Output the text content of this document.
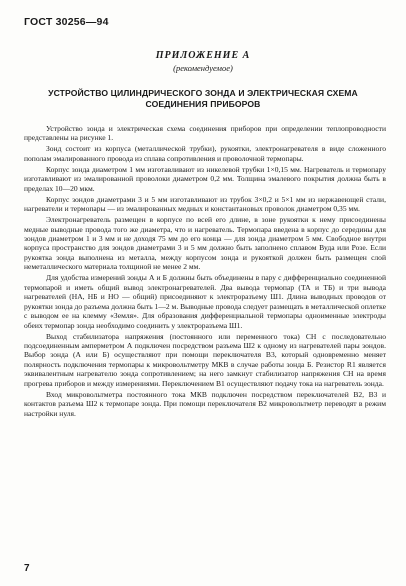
ГОСТ 30256—94
ПРИЛОЖЕНИЕ А
(рекомендуемое)
УСТРОЙСТВО ЦИЛИНДРИЧЕСКОГО ЗОНДА И ЭЛЕКТРИЧЕСКАЯ СХЕМА СОЕДИНЕНИЯ ПРИБОРОВ

Устройство зонда и электрическая схема соединения приборов при определении теплопроводности представлены на рисунке 1.

Зонд состоит из корпуса (металлической трубки), рукоятки, электронагревателя в виде сложенного пополам эмалированного провода из сплава сопротивления и проволочной термопары.

Корпус зонда диаметром 1 мм изготавливают из никелевой трубки 1×0,15 мм. Нагреватель и термопару изготавливают из эмалированной проволоки диаметром 0,2 мм. Толщина эмалевого покрытия должна быть в пределах 10—20 мкм.

Корпус зондов диаметрами 3 и 5 мм изготавливают из трубок 3×0,2 и 5×1 мм из нержавеющей стали, нагреватели и термопары — из эмалированных медных и константановых проволок диаметром 0,35 мм.

Электронагреватель размещен в корпусе по всей его длине, в зоне рукоятки к нему присоединены медные выводные провода того же диаметра, что и нагреватель. Термопара введена в корпус до середины для зондов диаметром 1 и 3 мм и не доходя 75 мм до его конца — для зонда диаметром 5 мм. Свободное внутри корпуса пространство для зондов диаметрами 3 и 5 мм должно быть заполнено сплавом Вуда или Розе. Если рукоятка зонда выполнена из металла, между корпусом зонда и рукояткой должен быть размещен слой неметаллического материала толщиной не менее 2 мм.

Для удобства измерений зонды А и Б должны быть объединены в пару с дифференциально соединенной термопарой и иметь общий вывод электронагревателей. Два вывода термопар (ТА и ТБ) и три вывода нагревателей (НА, НБ и НО — общий) присоединяют к электроразъему Ш1. Длина выводных проводов от рукоятки зонда до разъема должна быть 1—2 м. Выводные провода следует размещать в металлической оплетке с выводом ее на клемму «Земля». Для образования дифференциальной термопары одноименные электроды обеих термопар зонда необходимо соединить у электроразъема Ш1.

Выход стабилизатора напряжения (постоянного или переменного тока) СН с последовательно подсоединенным амперметром А подключен посредством разъема Ш2 к одному из нагревателей пары зондов. Выбор зонда (А или Б) осуществляют при помощи переключателя В3, который одновременно меняет полярность подключения термопары к микровольтметру МКВ в случае работы зонда Б. Резистор R1 является эквивалентным нагревателю зонда сопротивлением; на него замкнут стабилизатор напряжения СН на время прогрева приборов и между измерениями. Переключением В1 осуществляют подачу тока на нагреватель зонда.

Вход микровольтметра постоянного тока МКВ подключен посредством переключателей В2, В3 и контактов разъема Ш2 к термопаре зонда. При помощи переключателя В2 микровольтметр переводят в режим настройки нуля.

7
